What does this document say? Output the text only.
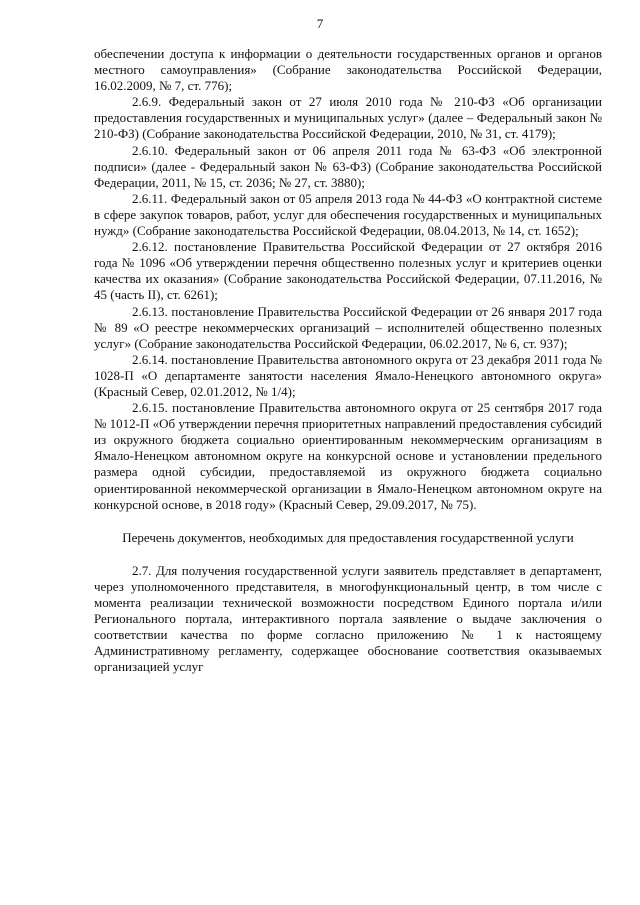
7

обеспечении доступа к информации о деятельности государственных органов и органов местного самоуправления» (Собрание законодательства Российской Федерации, 16.02.2009, № 7, ст. 776);

2.6.9. Федеральный закон от 27 июля 2010 года № 210-ФЗ «Об организации предоставления государственных и муниципальных услуг» (далее – Федеральный закон № 210-ФЗ) (Собрание законодательства Российской Федерации, 2010, № 31, ст. 4179);

2.6.10. Федеральный закон от 06 апреля 2011 года № 63-ФЗ «Об электронной подписи» (далее - Федеральный закон № 63-ФЗ) (Собрание законодательства Российской Федерации, 2011, № 15, ст. 2036; № 27, ст. 3880);

2.6.11. Федеральный закон от 05 апреля 2013 года № 44-ФЗ «О контрактной системе в сфере закупок товаров, работ, услуг для обеспечения государственных и муниципальных нужд» (Собрание законодательства Российской Федерации, 08.04.2013, № 14, ст. 1652);

2.6.12. постановление Правительства Российской Федерации от 27 октября 2016 года № 1096 «Об утверждении перечня общественно полезных услуг и критериев оценки качества их оказания» (Собрание законодательства Российской Федерации, 07.11.2016, № 45 (часть II), ст. 6261);

2.6.13. постановление Правительства Российской Федерации от 26 января 2017 года № 89 «О реестре некоммерческих организаций – исполнителей общественно полезных услуг» (Собрание законодательства Российской Федерации, 06.02.2017, № 6, ст. 937);

2.6.14. постановление Правительства автономного округа от 23 декабря 2011 года № 1028-П «О департаменте занятости населения Ямало-Ненецкого автономного округа» (Красный Север, 02.01.2012, № 1/4);

2.6.15. постановление Правительства автономного округа от 25 сентября 2017 года № 1012-П «Об утверждении перечня приоритетных направлений предоставления субсидий из окружного бюджета социально ориентированным некоммерческим организациям в Ямало-Ненецком автономном округе на конкурсной основе и установлении предельного размера одной субсидии, предоставляемой из окружного бюджета социально ориентированной некоммерческой организации в Ямало-Ненецком автономном округе на конкурсной основе, в 2018 году» (Красный Север, 29.09.2017, № 75).

Перечень документов, необходимых для предоставления государственной услуги

2.7. Для получения государственной услуги заявитель представляет в департамент, через уполномоченного представителя, в многофункциональный центр, в том числе с момента реализации технической возможности посредством Единого портала и/или Регионального портала, интерактивного портала заявление о выдаче заключения о соответствии качества по форме согласно приложению № 1 к настоящему Административному регламенту, содержащее обоснование соответствия оказываемых организацией услуг
